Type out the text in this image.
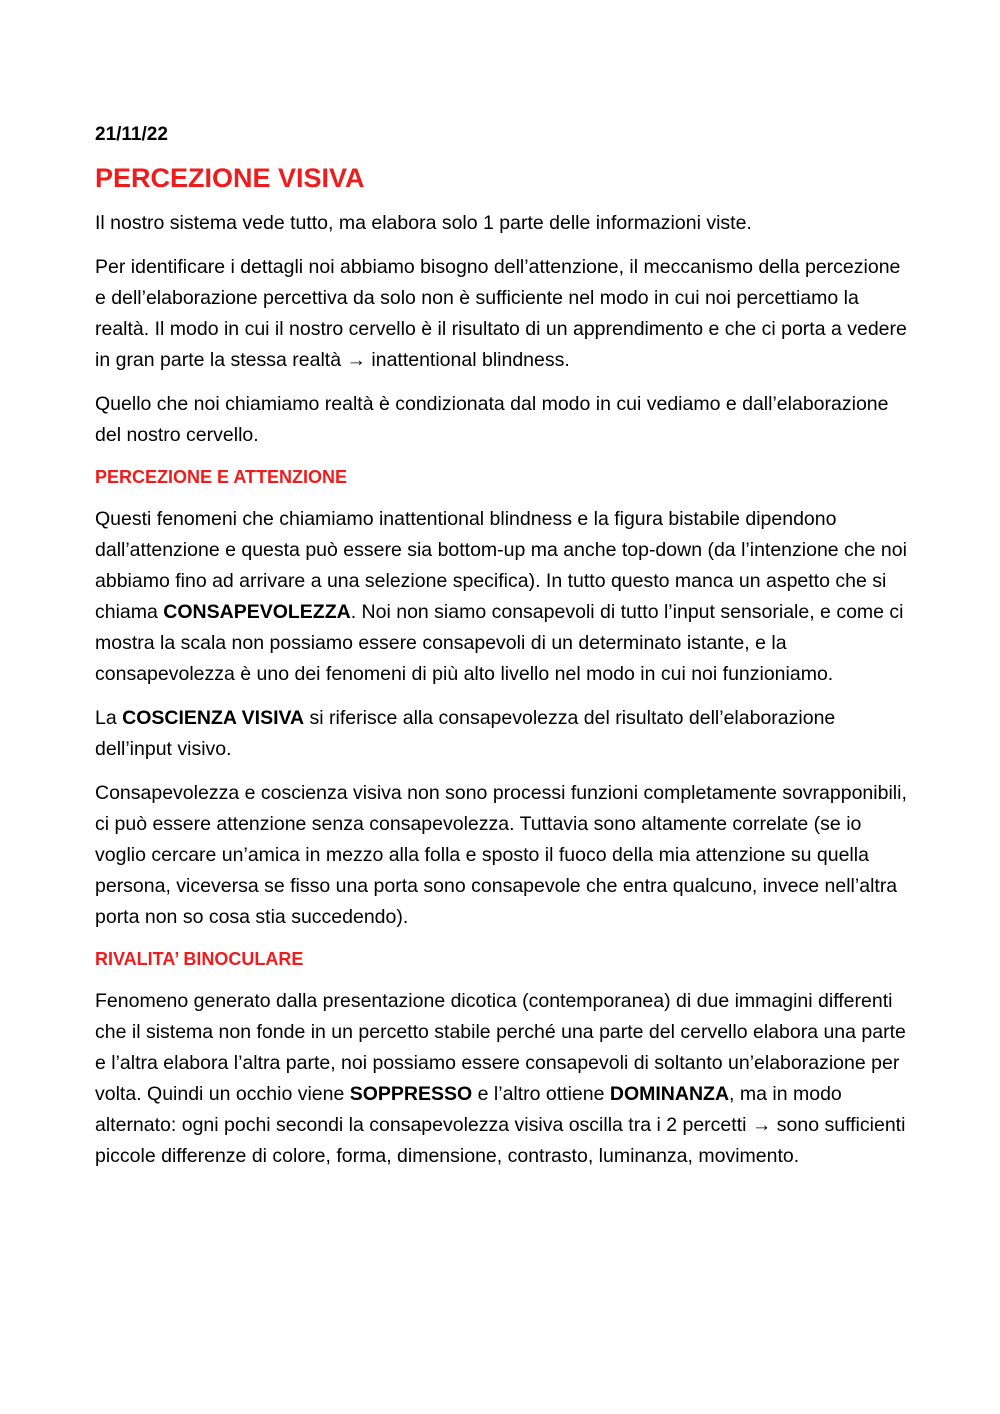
21/11/22
PERCEZIONE VISIVA

Il nostro sistema vede tutto, ma elabora solo 1 parte delle informazioni viste.

Per identificare i dettagli noi abbiamo bisogno dell’attenzione, il meccanismo della percezione e dell’elaborazione percettiva da solo non è sufficiente nel modo in cui noi percettiamo la realtà. Il modo in cui il nostro cervello è il risultato di un apprendimento e che ci porta a vedere in gran parte la stessa realtà → inattentional blindness.

Quello che noi chiamiamo realtà è condizionata dal modo in cui vediamo e dall’elaborazione del nostro cervello.

PERCEZIONE E ATTENZIONE

Questi fenomeni che chiamiamo inattentional blindness e la figura bistabile dipendono dall’attenzione e questa può essere sia bottom-up ma anche top-down (da l’intenzione che noi abbiamo fino ad arrivare a una selezione specifica). In tutto questo manca un aspetto che si chiama CONSAPEVOLEZZA. Noi non siamo consapevoli di tutto l’input sensoriale, e come ci mostra la scala non possiamo essere consapevoli di un determinato istante, e la consapevolezza è uno dei fenomeni di più alto livello nel modo in cui noi funzioniamo.

La COSCIENZA VISIVA si riferisce alla consapevolezza del risultato dell’elaborazione dell’input visivo.

Consapevolezza e coscienza visiva non sono processi funzioni completamente sovrapponibili, ci può essere attenzione senza consapevolezza. Tuttavia sono altamente correlate (se io voglio cercare un’amica in mezzo alla folla e sposto il fuoco della mia attenzione su quella persona, viceversa se fisso una porta sono consapevole che entra qualcuno, invece nell’altra porta non so cosa stia succedendo).

RIVALITA’ BINOCULARE

Fenomeno generato dalla presentazione dicotica (contemporanea) di due immagini differenti che il sistema non fonde in un percetto stabile perché una parte del cervello elabora una parte e l’altra elabora l’altra parte, noi possiamo essere consapevoli di soltanto un’elaborazione per volta. Quindi un occhio viene SOPPRESSO e l’altro ottiene DOMINANZA, ma in modo alternato: ogni pochi secondi la consapevolezza visiva oscilla tra i 2 percetti → sono sufficienti piccole differenze di colore, forma, dimensione, contrasto, luminanza, movimento.
